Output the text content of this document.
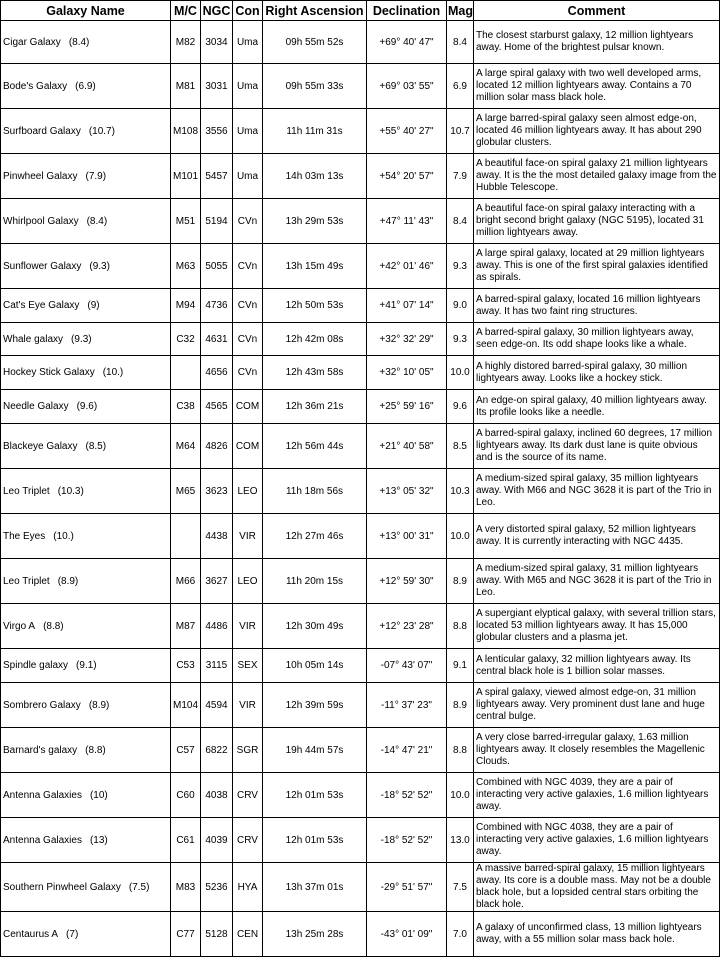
Galaxy Name	M/C	NGC	Con	Right Ascension	Declination	Mag	Comment
Cigar Galaxy (8.4)	M82	3034	Uma	09h 55m 52s	+69° 40' 47"	8.4	The closest starburst galaxy, 12 million lightyears away. Home of the brightest pulsar known.
Bode's Galaxy (6.9)	M81	3031	Uma	09h 55m 33s	+69° 03' 55"	6.9	A large spiral galaxy with two well developed arms, located 12 million lightyears away. Contains a 70 million solar mass black hole.
Surfboard Galaxy (10.7)	M108	3556	Uma	11h 11m 31s	+55° 40' 27"	10.7	A large barred-spiral galaxy seen almost edge-on, located 46 million lightyears away. It has about 290 globular clusters.
Pinwheel Galaxy (7.9)	M101	5457	Uma	14h 03m 13s	+54° 20' 57"	7.9	A beautiful face-on spiral galaxy 21 million lightyears away. It is the the most detailed galaxy image from the Hubble Telescope.
Whirlpool Galaxy (8.4)	M51	5194	CVn	13h 29m 53s	+47° 11' 43"	8.4	A beautiful face-on spiral galaxy interacting with a bright second bright galaxy (NGC 5195), located 31 million lightyears away.
Sunflower Galaxy (9.3)	M63	5055	CVn	13h 15m 49s	+42° 01' 46"	9.3	A large spiral galaxy, located at 29 million lightyears away. This is one of the first spiral galaxies identified as spirals.
Cat's Eye Galaxy (9)	M94	4736	CVn	12h 50m 53s	+41° 07' 14"	9.0	A barred-spiral galaxy, located 16 million lightyears away. It has two faint ring structures.
Whale galaxy (9.3)	C32	4631	CVn	12h 42m 08s	+32° 32' 29"	9.3	A barred-spiral galaxy, 30 million lightyears away, seen edge-on. Its odd shape looks like a whale.
Hockey Stick Galaxy (10.)		4656	CVn	12h 43m 58s	+32° 10' 05"	10.0	A highly distored barred-spiral galaxy, 30 million lightyears away. Looks like a hockey stick.
Needle Galaxy (9.6)	C38	4565	COM	12h 36m 21s	+25° 59' 16"	9.6	An edge-on spiral galaxy, 40 million lightyears away. Its profile looks like a needle.
Blackeye Galaxy (8.5)	M64	4826	COM	12h 56m 44s	+21° 40' 58"	8.5	A barred-spiral galaxy, inclined 60 degrees, 17 million lightyears away. Its dark dust lane is quite obvious and is the source of its name.
Leo Triplet (10.3)	M65	3623	LEO	11h 18m 56s	+13° 05' 32"	10.3	A medium-sized spiral galaxy, 35 million lightyears away. With M66 and NGC 3628 it is part of the Trio in Leo.
The Eyes (10.)		4438	VIR	12h 27m 46s	+13° 00' 31"	10.0	A very distorted spiral galaxy, 52 million lightyears away. It is currently interacting with NGC 4435.
Leo Triplet (8.9)	M66	3627	LEO	11h 20m 15s	+12° 59' 30"	8.9	A medium-sized spiral galaxy, 31 million lightyears away. With M65 and NGC 3628 it is part of the Trio in Leo.
Virgo A (8.8)	M87	4486	VIR	12h 30m 49s	+12° 23' 28"	8.8	A supergiant elyptical galaxy, with several trillion stars, located 53 million lightyears away. It has 15,000 globular clusters and a plasma jet.
Spindle galaxy (9.1)	C53	3115	SEX	10h 05m 14s	-07° 43' 07"	9.1	A lenticular galaxy, 32 million lightyears away. Its central black hole is 1 billion solar masses.
Sombrero Galaxy (8.9)	M104	4594	VIR	12h 39m 59s	-11° 37' 23"	8.9	A spiral galaxy, viewed almost edge-on, 31 million lightyears away. Very prominent dust lane and huge central bulge.
Barnard's galaxy (8.8)	C57	6822	SGR	19h 44m 57s	-14° 47' 21"	8.8	A very close barred-irregular galaxy, 1.63 million lightyears away. It closely resembles the Magellenic Clouds.
Antenna Galaxies (10)	C60	4038	CRV	12h 01m 53s	-18° 52' 52"	10.0	Combined with NGC 4039, they are a pair of interacting very active galaxies, 1.6 million lightyears away.
Antenna Galaxies (13)	C61	4039	CRV	12h 01m 53s	-18° 52' 52"	13.0	Combined with NGC 4038, they are a pair of interacting very active galaxies, 1.6 million lightyears away.
Southern Pinwheel Galaxy (7.5)	M83	5236	HYA	13h 37m 01s	-29° 51' 57"	7.5	A massive barred-spiral galaxy, 15 million lightyears away. Its core is a double mass. May not be a double black hole, but a lopsided central stars orbiting the black hole.
Centaurus A (7)	C77	5128	CEN	13h 25m 28s	-43° 01' 09"	7.0	A galaxy of unconfirmed class, 13 million lightyears away, with a 55 million solar mass back hole.
